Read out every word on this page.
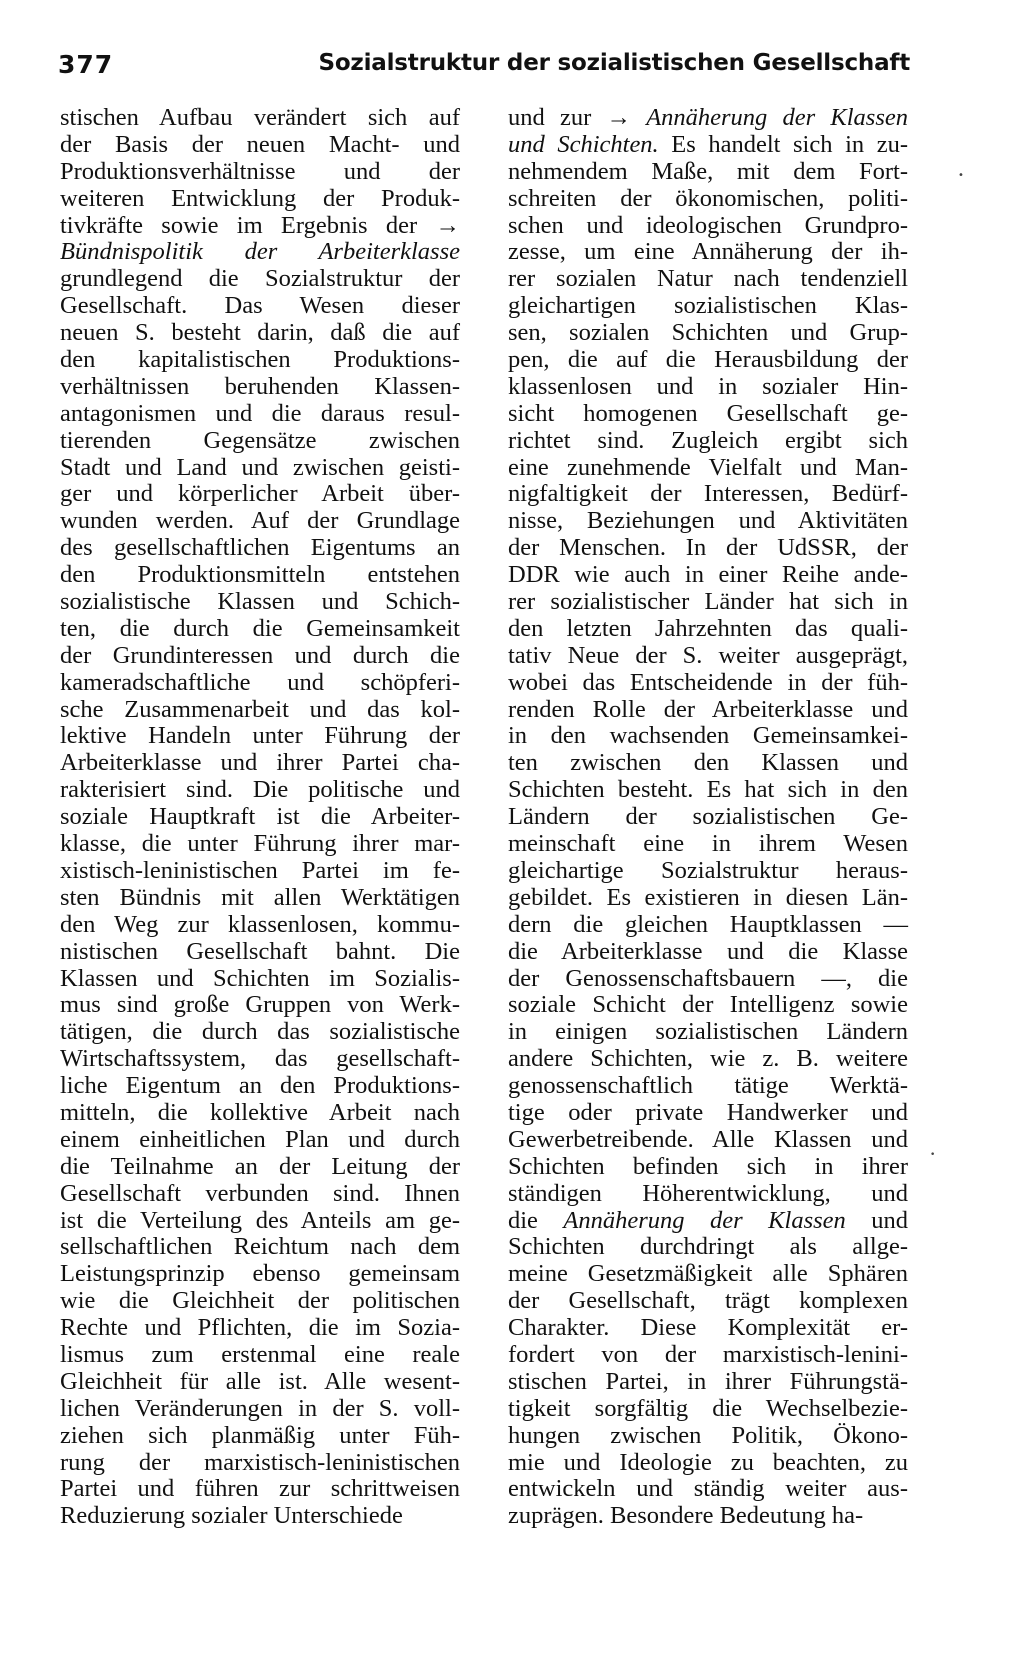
377	Sozialstruktur der sozialistischen Gesellschaft
stischen Aufbau verändert sich auf
der Basis der neuen Macht- und
Produktionsverhältnisse und der
weiteren Entwicklung der Produk-
tivkräfte sowie im Ergebnis der →
Bündnispolitik der Arbeiterklasse
grundlegend die Sozialstruktur der
Gesellschaft. Das Wesen dieser
neuen S. besteht darin, daß die auf
den kapitalistischen Produktions-
verhältnissen beruhenden Klassen-
antagonismen und die daraus resul-
tierenden Gegensätze zwischen
Stadt und Land und zwischen geisti-
ger und körperlicher Arbeit über-
wunden werden. Auf der Grundlage
des gesellschaftlichen Eigentums an
den Produktionsmitteln entstehen
sozialistische Klassen und Schich-
ten, die durch die Gemeinsamkeit
der Grundinteressen und durch die
kameradschaftliche und schöpferi-
sche Zusammenarbeit und das kol-
lektive Handeln unter Führung der
Arbeiterklasse und ihrer Partei cha-
rakterisiert sind. Die politische und
soziale Hauptkraft ist die Arbeiter-
klasse, die unter Führung ihrer mar-
xistisch-leninistischen Partei im fe-
sten Bündnis mit allen Werktätigen
den Weg zur klassenlosen, kommu-
nistischen Gesellschaft bahnt. Die
Klassen und Schichten im Sozialis-
mus sind große Gruppen von Werk-
tätigen, die durch das sozialistische
Wirtschaftssystem, das gesellschaft-
liche Eigentum an den Produktions-
mitteln, die kollektive Arbeit nach
einem einheitlichen Plan und durch
die Teilnahme an der Leitung der
Gesellschaft verbunden sind. Ihnen
ist die Verteilung des Anteils am ge-
sellschaftlichen Reichtum nach dem
Leistungsprinzip ebenso gemeinsam
wie die Gleichheit der politischen
Rechte und Pflichten, die im Sozia-
lismus zum erstenmal eine reale
Gleichheit für alle ist. Alle wesent-
lichen Veränderungen in der S. voll-
ziehen sich planmäßig unter Füh-
rung der marxistisch-leninistischen
Partei und führen zur schrittweisen
Reduzierung sozialer Unterschiede
und zur → Annäherung der Klassen
und Schichten. Es handelt sich in zu-
nehmendem Maße, mit dem Fort-
schreiten der ökonomischen, politi-
schen und ideologischen Grundpro-
zesse, um eine Annäherung der ih-
rer sozialen Natur nach tendenziell
gleichartigen sozialistischen Klas-
sen, sozialen Schichten und Grup-
pen, die auf die Herausbildung der
klassenlosen und in sozialer Hin-
sicht homogenen Gesellschaft ge-
richtet sind. Zugleich ergibt sich
eine zunehmende Vielfalt und Man-
nigfaltigkeit der Interessen, Bedürf-
nisse, Beziehungen und Aktivitäten
der Menschen. In der UdSSR, der
DDR wie auch in einer Reihe ande-
rer sozialistischer Länder hat sich in
den letzten Jahrzehnten das quali-
tativ Neue der S. weiter ausgeprägt,
wobei das Entscheidende in der füh-
renden Rolle der Arbeiterklasse und
in den wachsenden Gemeinsamkei-
ten zwischen den Klassen und
Schichten besteht. Es hat sich in den
Ländern der sozialistischen Ge-
meinschaft eine in ihrem Wesen
gleichartige Sozialstruktur heraus-
gebildet. Es existieren in diesen Län-
dern die gleichen Hauptklassen —
die Arbeiterklasse und die Klasse
der Genossenschaftsbauern —, die
soziale Schicht der Intelligenz sowie
in einigen sozialistischen Ländern
andere Schichten, wie z. B. weitere
genossenschaftlich tätige Werktä-
tige oder private Handwerker und
Gewerbetreibende. Alle Klassen und
Schichten befinden sich in ihrer
ständigen Höherentwicklung, und
die Annäherung der Klassen und
Schichten durchdringt als allge-
meine Gesetzmäßigkeit alle Sphären
der Gesellschaft, trägt komplexen
Charakter. Diese Komplexität er-
fordert von der marxistisch-lenini-
stischen Partei, in ihrer Führungstä-
tigkeit sorgfältig die Wechselbezie-
hungen zwischen Politik, Ökono-
mie und Ideologie zu beachten, zu
entwickeln und ständig weiter aus-
zuprägen. Besondere Bedeutung ha-
•
•
